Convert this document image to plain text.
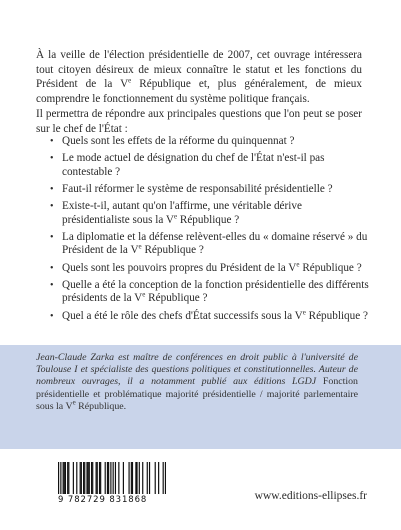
À la veille de l'élection présidentielle de 2007, cet ouvrage intéressera tout citoyen désireux de mieux connaître le statut et les fonctions du Président de la Ve République et, plus généralement, de mieux comprendre le fonctionnement du système politique français.

Il permettra de répondre aux principales questions que l'on peut se poser sur le chef de l'État :

• Quels sont les effets de la réforme du quinquennat ?
• Le mode actuel de désignation du chef de l'État n'est-il pas contestable ?
• Faut-il réformer le système de responsabilité présidentielle ?
• Existe-t-il, autant qu'on l'affirme, une véritable dérive présidentialiste sous la Ve République ?
• La diplomatie et la défense relèvent-elles du « domaine réservé » du Président de la Ve République ?
• Quels sont les pouvoirs propres du Président de la Ve République ?
• Quelle a été la conception de la fonction présidentielle des différents présidents de la Ve République ?
• Quel a été le rôle des chefs d'État successifs sous la Ve République ?

Jean-Claude Zarka est maître de conférences en droit public à l'université de Toulouse I et spécialiste des questions politiques et constitutionnelles. Auteur de nombreux ouvrages, il a notamment publié aux éditions LGDJ Fonction présidentielle et problématique majorité présidentielle / majorité parlementaire sous la Ve République.

9 782729 831868	www.editions-ellipses.fr
